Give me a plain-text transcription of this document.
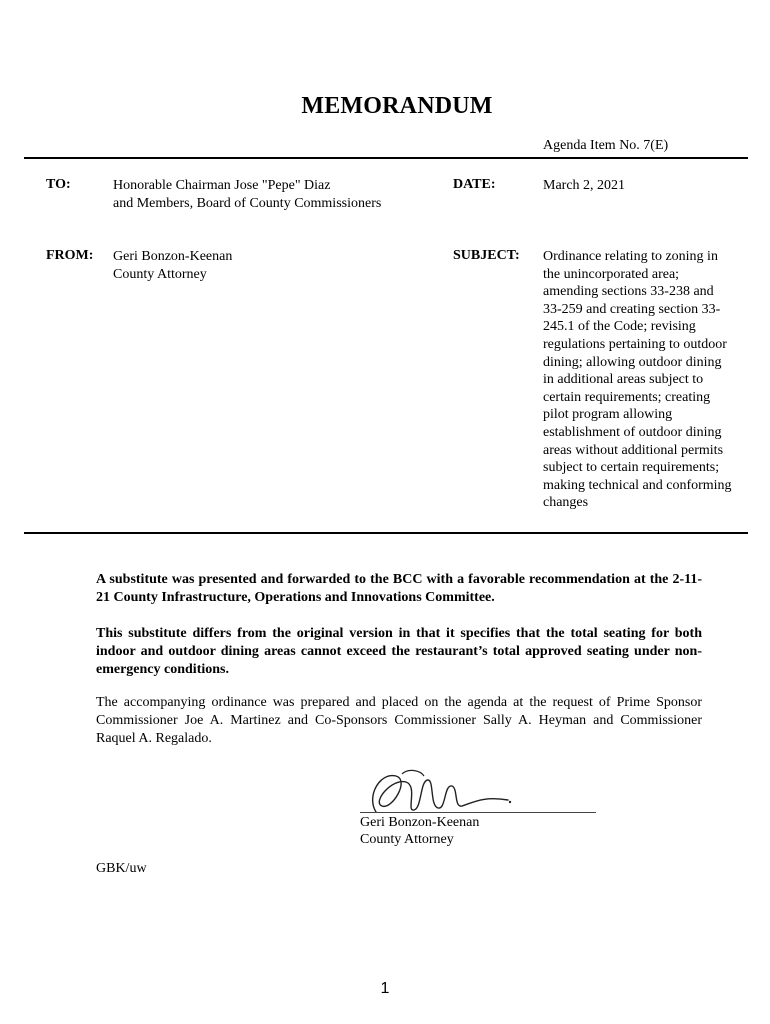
MEMORANDUM
Agenda Item No. 7(E)
TO:	Honorable Chairman Jose "Pepe" Diaz
and Members, Board of County Commissioners
DATE:	March 2, 2021
FROM: Geri Bonzon-Keenan
County Attorney
SUBJECT: Ordinance relating to zoning in
the unincorporated area;
amending sections 33-238 and
33-259 and creating section 33-
245.1 of the Code; revising
regulations pertaining to outdoor
dining; allowing outdoor dining
in additional areas subject to
certain requirements; creating
pilot program allowing
establishment of outdoor dining
areas without additional permits
subject to certain requirements;
making technical and conforming
changes
A substitute was presented and forwarded to the BCC with a favorable recommendation at the 2-11-21 County Infrastructure, Operations and Innovations Committee.
This substitute differs from the original version in that it specifies that the total seating for both indoor and outdoor dining areas cannot exceed the restaurant’s total approved seating under non-emergency conditions.
The accompanying ordinance was prepared and placed on the agenda at the request of Prime Sponsor Commissioner Joe A. Martinez and Co-Sponsors Commissioner Sally A. Heyman and Commissioner Raquel A. Regalado.
Geri Bonzon-Keenan
County Attorney
GBK/uw
1
